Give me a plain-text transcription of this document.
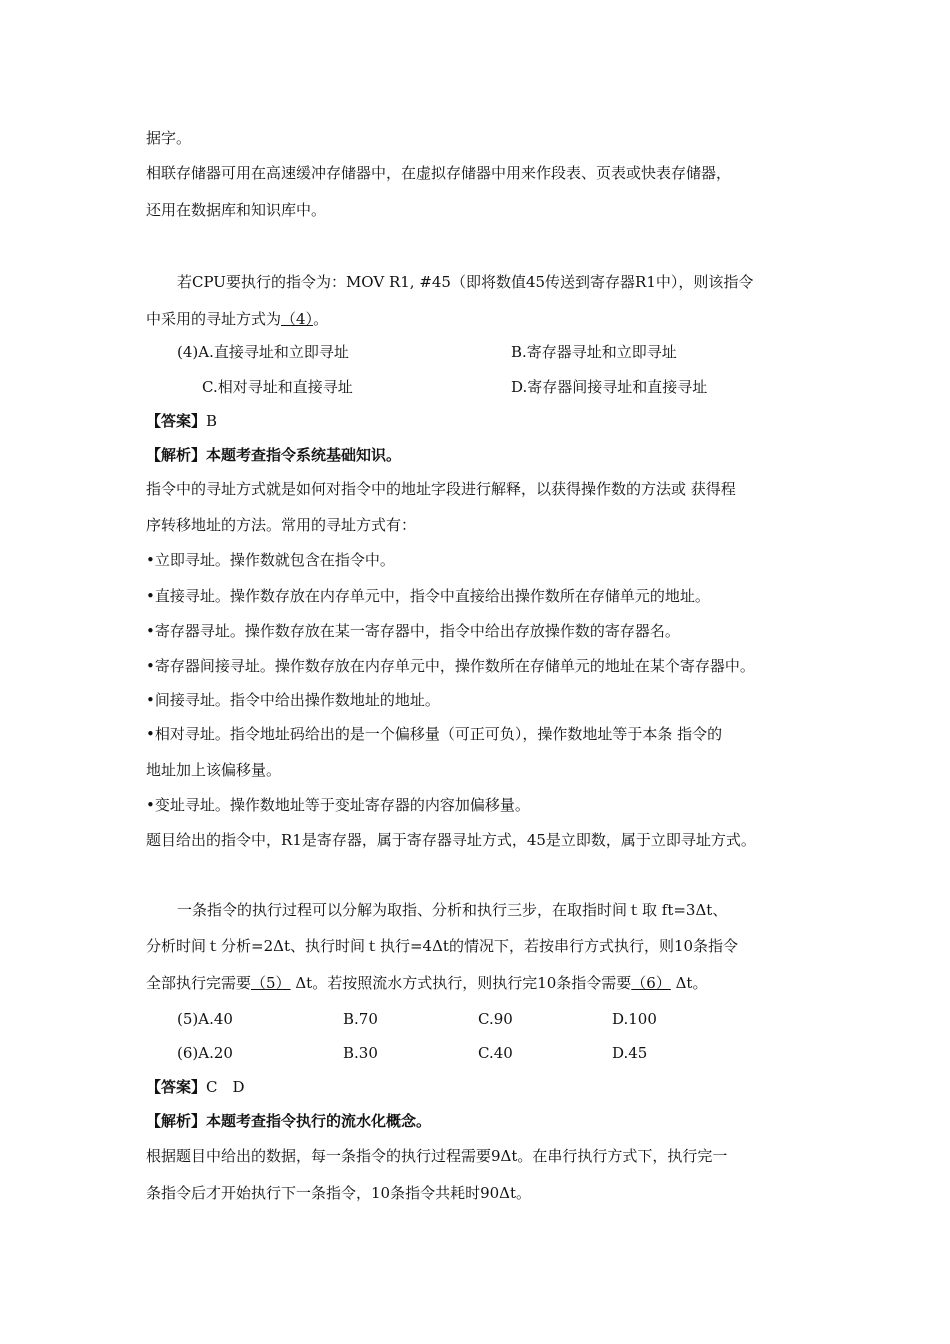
据字。
相联存储器可用在高速缓冲存储器中，在虚拟存储器中用来作段表、页表或快表存储器，
还用在数据库和知识库中。
若CPU要执行的指令为：MOV R1, #45（即将数值45传送到寄存器R1中），则该指令
中采用的寻址方式为（4）。
(4)A.直接寻址和立即寻址	B.寄存器寻址和立即寻址
C.相对寻址和直接寻址	D.寄存器间接寻址和直接寻址
【答案】B
【解析】本题考查指令系统基础知识。
指令中的寻址方式就是如何对指令中的地址字段进行解释，以获得操作数的方法或 获得程
序转移地址的方法。常用的寻址方式有：
•立即寻址。操作数就包含在指令中。
•直接寻址。操作数存放在内存单元中，指令中直接给出操作数所在存储单元的地址。
•寄存器寻址。操作数存放在某一寄存器中，指令中给出存放操作数的寄存器名。
•寄存器间接寻址。操作数存放在内存单元中，操作数所在存储单元的地址在某个寄存器中。
•间接寻址。指令中给出操作数地址的地址。
•相对寻址。指令地址码给出的是一个偏移量（可正可负），操作数地址等于本条 指令的
地址加上该偏移量。
•变址寻址。操作数地址等于变址寄存器的内容加偏移量。
题目给出的指令中，R1是寄存器，属于寄存器寻址方式，45是立即数，属于立即寻址方式。
一条指令的执行过程可以分解为取指、分析和执行三步，在取指时间ｔ取 ft=3Δt、
分析时间ｔ分析=2Δt、执行时间ｔ执行=4Δt的情况下，若按串行方式执行，则10条指令
全部执行完需要（5） Δt。若按照流水方式执行，则执行完10条指令需要（6） Δt。
(5)A.40	B.70	C.90	D.100
(6)A.20	B.30	C.40	D.45
【答案】C　D
【解析】本题考查指令执行的流水化概念。
根据题目中给出的数据，每一条指令的执行过程需要9Δt。在串行执行方式下，执行完一
条指令后才开始执行下一条指令，10条指令共耗时90Δt。
